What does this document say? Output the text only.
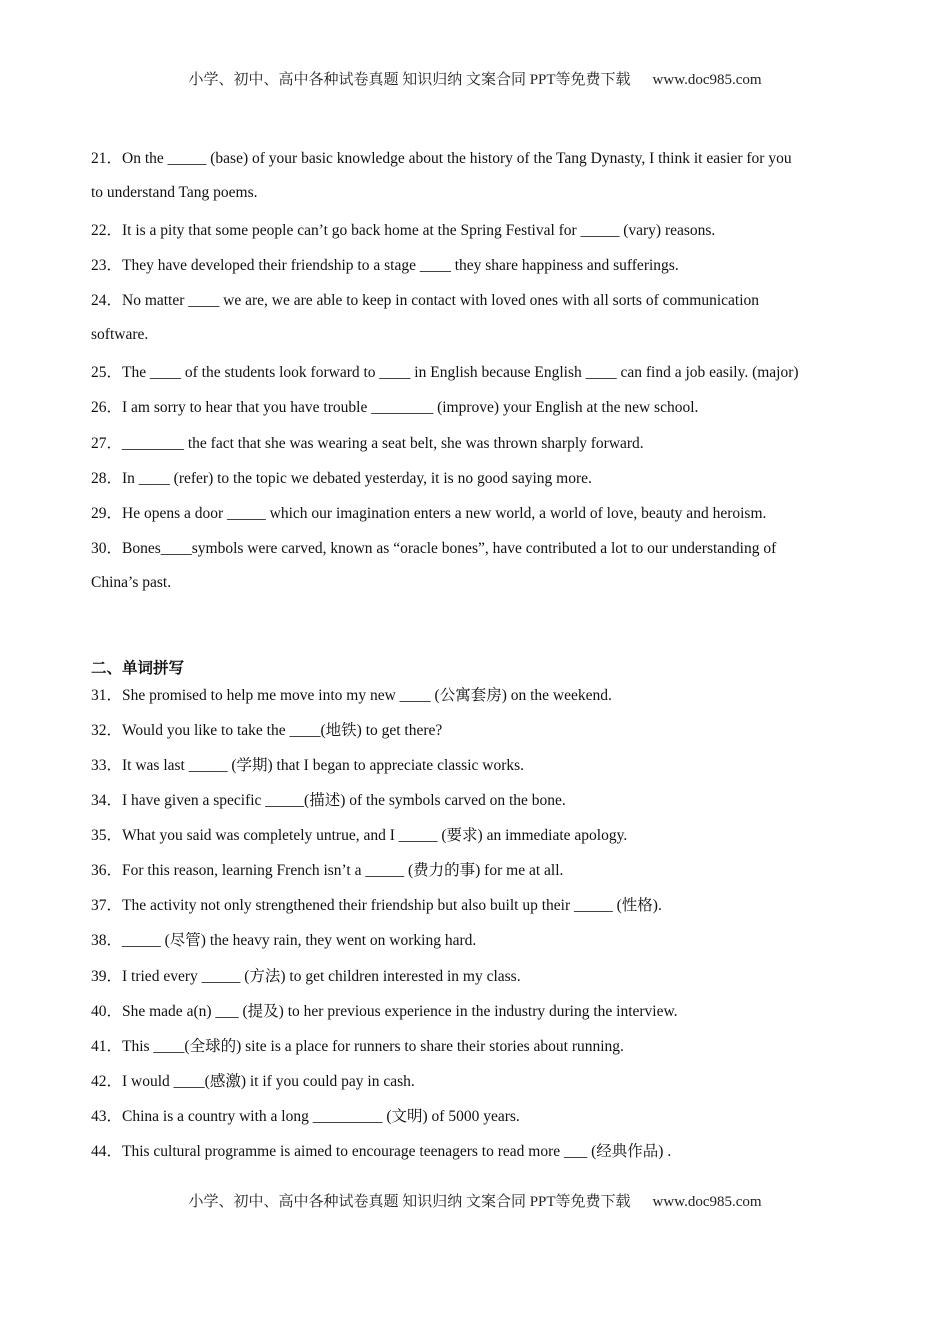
小学、初中、高中各种试卷真题 知识归纳 文案合同 PPT等免费下载 www.doc985.com
21．On the _____ (base) of your basic knowledge about the history of the Tang Dynasty, I think it easier for you
to understand Tang poems.
22．It is a pity that some people can’t go back home at the Spring Festival for _____ (vary) reasons.
23．They have developed their friendship to a stage ____ they share happiness and sufferings.
24．No matter ____ we are, we are able to keep in contact with loved ones with all sorts of communication
software.
25．The ____ of the students look forward to ____ in English because English ____ can find a job easily. (major)
26．I am sorry to hear that you have trouble ________ (improve) your English at the new school.
27．________ the fact that she was wearing a seat belt, she was thrown sharply forward.
28．In ____ (refer) to the topic we debated yesterday, it is no good saying more.
29．He opens a door _____ which our imagination enters a new world, a world of love, beauty and heroism.
30．Bones____symbols were carved, known as “oracle bones”, have contributed a lot to our understanding of
China’s past.
二、单词拼写
31．She promised to help me move into my new ____ (公寓套房) on the weekend.
32．Would you like to take the ____(地铁) to get there?
33．It was last _____ (学期) that I began to appreciate classic works.
34．I have given a specific _____(描述) of the symbols carved on the bone.
35．What you said was completely untrue, and I _____ (要求) an immediate apology.
36．For this reason, learning French isn’t a _____ (费力的事) for me at all.
37．The activity not only strengthened their friendship but also built up their _____ (性格).
38．_____ (尽管) the heavy rain, they went on working hard.
39．I tried every _____ (方法) to get children interested in my class.
40．She made a(n) ___ (提及) to her previous experience in the industry during the interview.
41．This ____(全球的) site is a place for runners to share their stories about running.
42．I would ____(感激) it if you could pay in cash.
43．China is a country with a long _________ (文明) of 5000 years.
44．This cultural programme is aimed to encourage teenagers to read more ___ (经典作品) .
小学、初中、高中各种试卷真题 知识归纳 文案合同 PPT等免费下载 www.doc985.com
